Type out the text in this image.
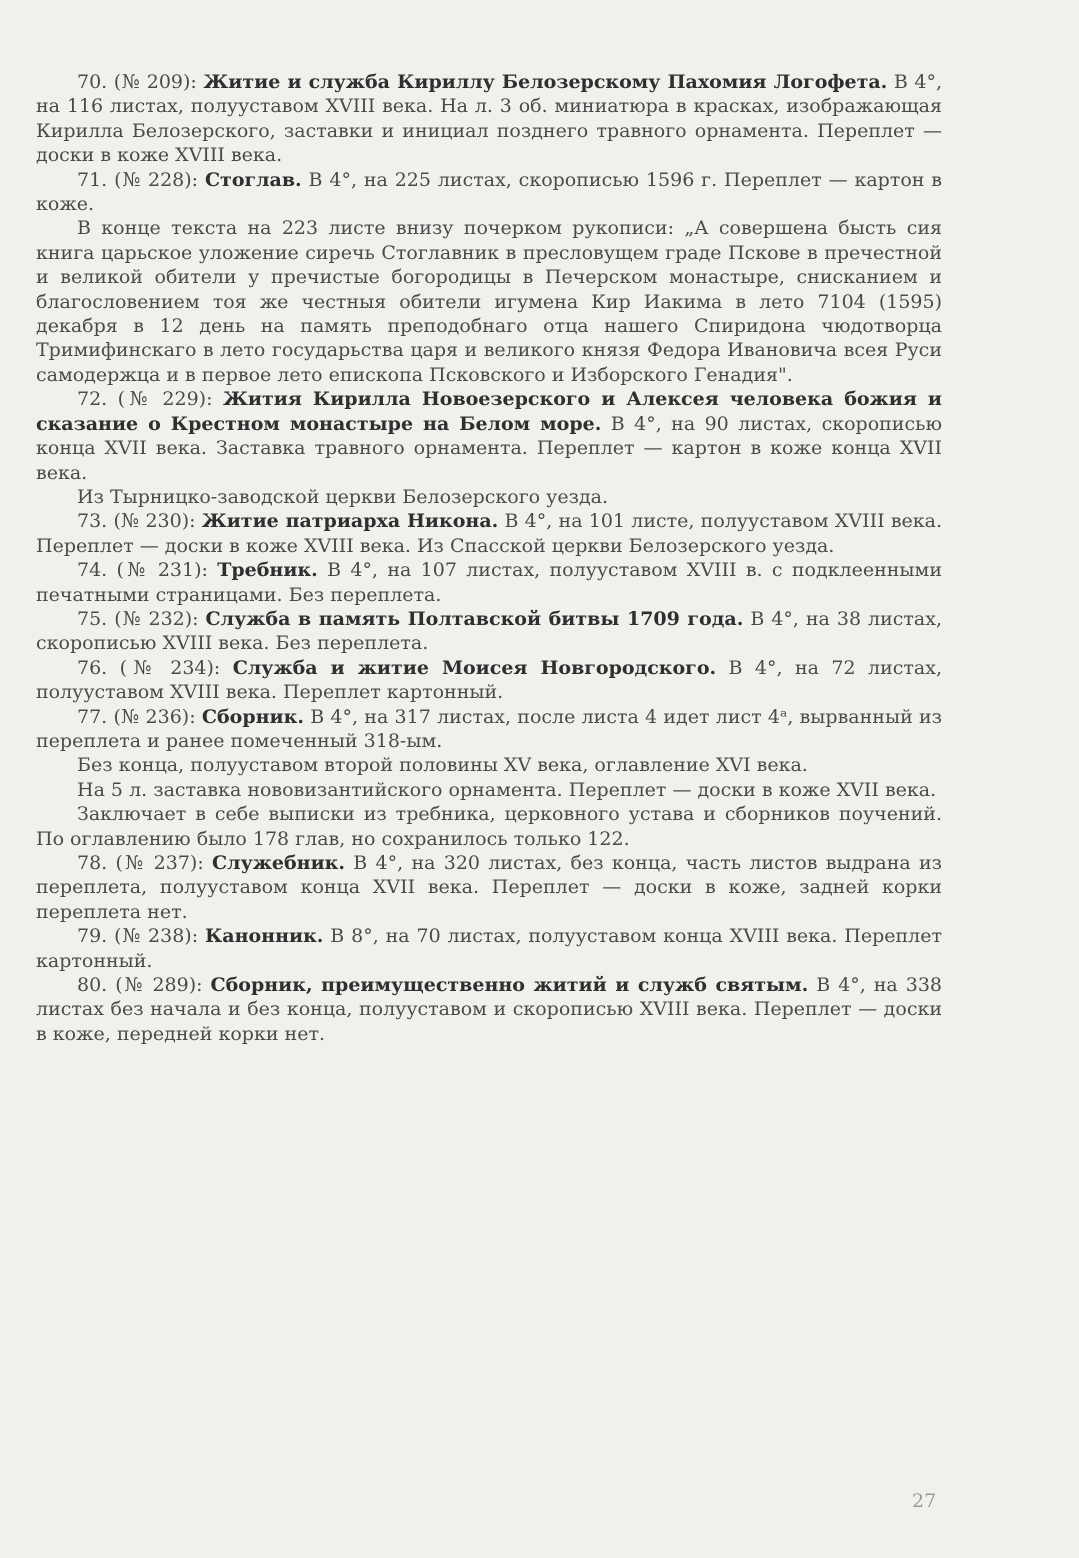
70. (№ 209): Житие и служба Кириллу Белозерскому Пахомия Логофета. В 4°, на 116 листах, полууставом XVIII века. На л. 3 об. миниатюра в красках, изображающая Кирилла Белозерского, заставки и инициал позднего травного орнамента. Переплет — доски в коже XVIII века.

71. (№ 228): Стоглав. В 4°, на 225 листах, скорописью 1596 г. Переплет — картон в коже.

В конце текста на 223 листе внизу почерком рукописи: „А совершена бысть сия книга царьское уложение сиречь Стоглавник в пресловущем граде Пскове в пречестной и великой обители у пречистые богородицы в Печерском монастыре, снисканием и благословением тоя же честныя обители игумена Кир Иакима в лето 7104 (1595) декабря в 12 день на память преподобнаго отца нашего Спиридона чюдотворца Тримифинскаго в лето государьства царя и великого князя Федора Ивановича всея Руси самодержца и в первое лето епископа Псковского и Изборского Генадия".

72. (№ 229): Жития Кирилла Новоезерского и Алексея человека божия и сказание о Крестном монастыре на Белом море. В 4°, на 90 листах, скорописью конца XVII века. Заставка травного орнамента. Переплет — картон в коже конца XVII века.

Из Тырницко-заводской церкви Белозерского уезда.

73. (№ 230): Житие патриарха Никона. В 4°, на 101 листе, полууставом XVIII века. Переплет — доски в коже XVIII века. Из Спасской церкви Белозерского уезда.

74. (№ 231): Требник. В 4°, на 107 листах, полууставом XVIII в. с подклеенными печатными страницами. Без переплета.

75. (№ 232): Служба в память Полтавской битвы 1709 года. В 4°, на 38 листах, скорописью XVIII века. Без переплета.

76. (№ 234): Служба и житие Моисея Новгородского. В 4°, на 72 листах, полууставом XVIII века. Переплет картонный.

77. (№ 236): Сборник. В 4°, на 317 листах, после листа 4 идет лист 4ᵃ, вырванный из переплета и ранее помеченный 318-ым.

Без конца, полууставом второй половины XV века, оглавление XVI века.

На 5 л. заставка нововизантийского орнамента. Переплет — доски в коже XVII века.

Заключает в себе выписки из требника, церковного устава и сборников поучений. По оглавлению было 178 глав, но сохранилось только 122.

78. (№ 237): Служебник. В 4°, на 320 листах, без конца, часть листов выдрана из переплета, полууставом конца XVII века. Переплет — доски в коже, задней корки переплета нет.

79. (№ 238): Канонник. В 8°, на 70 листах, полууставом конца XVIII века. Переплет картонный.

80. (№ 289): Сборник, преимущественно житий и служб святым. В 4°, на 338 листах без начала и без конца, полууставом и скорописью XVIII века. Переплет — доски в коже, передней корки нет.

27
